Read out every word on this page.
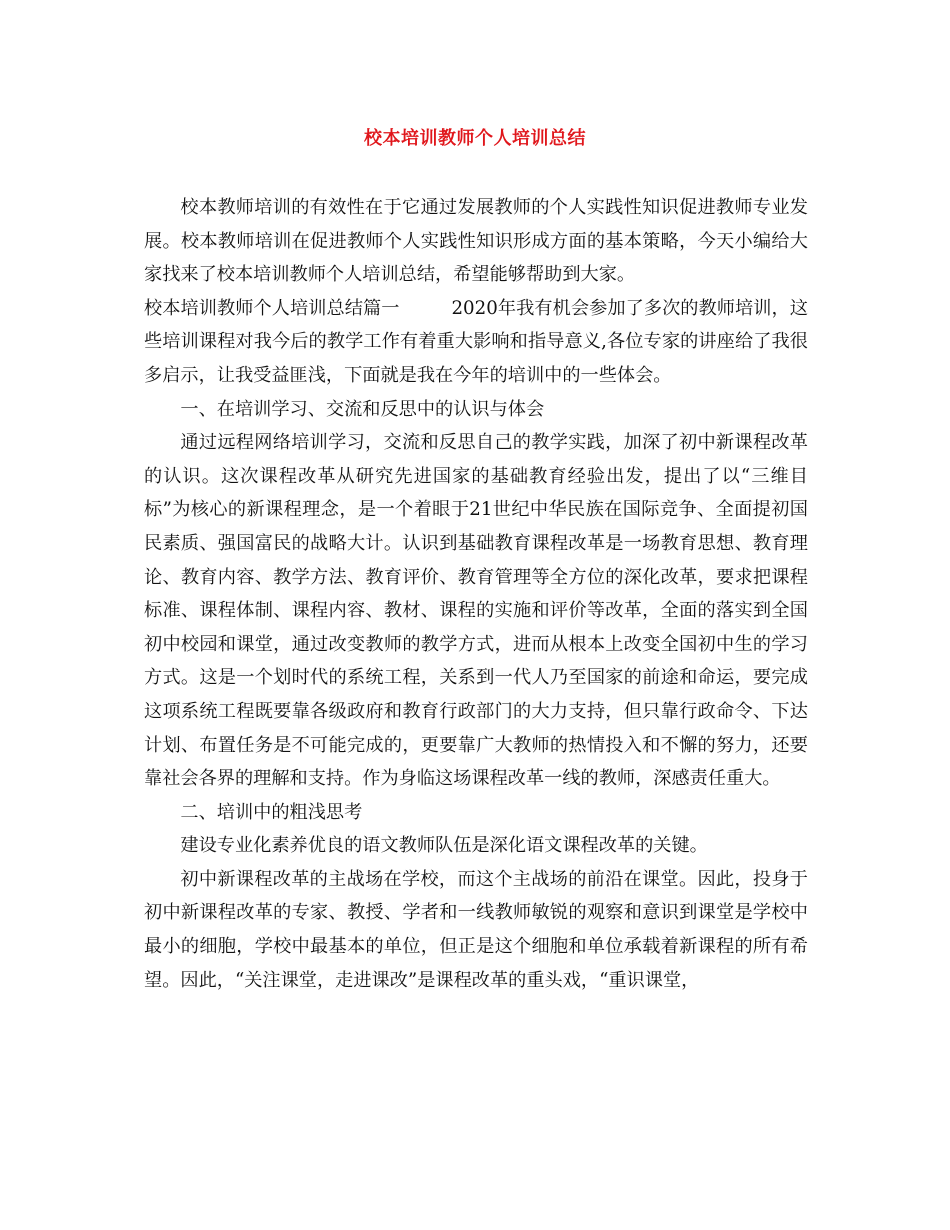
校本培训教师个人培训总结

校本教师培训的有效性在于它通过发展教师的个人实践性知识促进教师专业发展。校本教师培训在促进教师个人实践性知识形成方面的基本策略，今天小编给大家找来了校本培训教师个人培训总结，希望能够帮助到大家。

校本培训教师个人培训总结篇一	2020年我有机会参加了多次的教师培训，这些培训课程对我今后的教学工作有着重大影响和指导意义,各位专家的讲座给了我很多启示，让我受益匪浅，下面就是我在今年的培训中的一些体会。

一、在培训学习、交流和反思中的认识与体会

通过远程网络培训学习，交流和反思自己的教学实践，加深了初中新课程改革的认识。这次课程改革从研究先进国家的基础教育经验出发，提出了以“三维目标”为核心的新课程理念，是一个着眼于21世纪中华民族在国际竞争、全面提初国民素质、强国富民的战略大计。认识到基础教育课程改革是一场教育思想、教育理论、教育内容、教学方法、教育评价、教育管理等全方位的深化改革，要求把课程标准、课程体制、课程内容、教材、课程的实施和评价等改革，全面的落实到全国初中校园和课堂，通过改变教师的教学方式，进而从根本上改变全国初中生的学习方式。这是一个划时代的系统工程，关系到一代人乃至国家的前途和命运，要完成这项系统工程既要靠各级政府和教育行政部门的大力支持，但只靠行政命令、下达计划、布置任务是不可能完成的，更要靠广大教师的热情投入和不懈的努力，还要靠社会各界的理解和支持。作为身临这场课程改革一线的教师，深感责任重大。

二、培训中的粗浅思考

建设专业化素养优良的语文教师队伍是深化语文课程改革的关键。

初中新课程改革的主战场在学校，而这个主战场的前沿在课堂。因此，投身于初中新课程改革的专家、教授、学者和一线教师敏锐的观察和意识到课堂是学校中最小的细胞，学校中最基本的单位，但正是这个细胞和单位承载着新课程的所有希望。因此，“关注课堂，走进课改”是课程改革的重头戏，“重识课堂，
